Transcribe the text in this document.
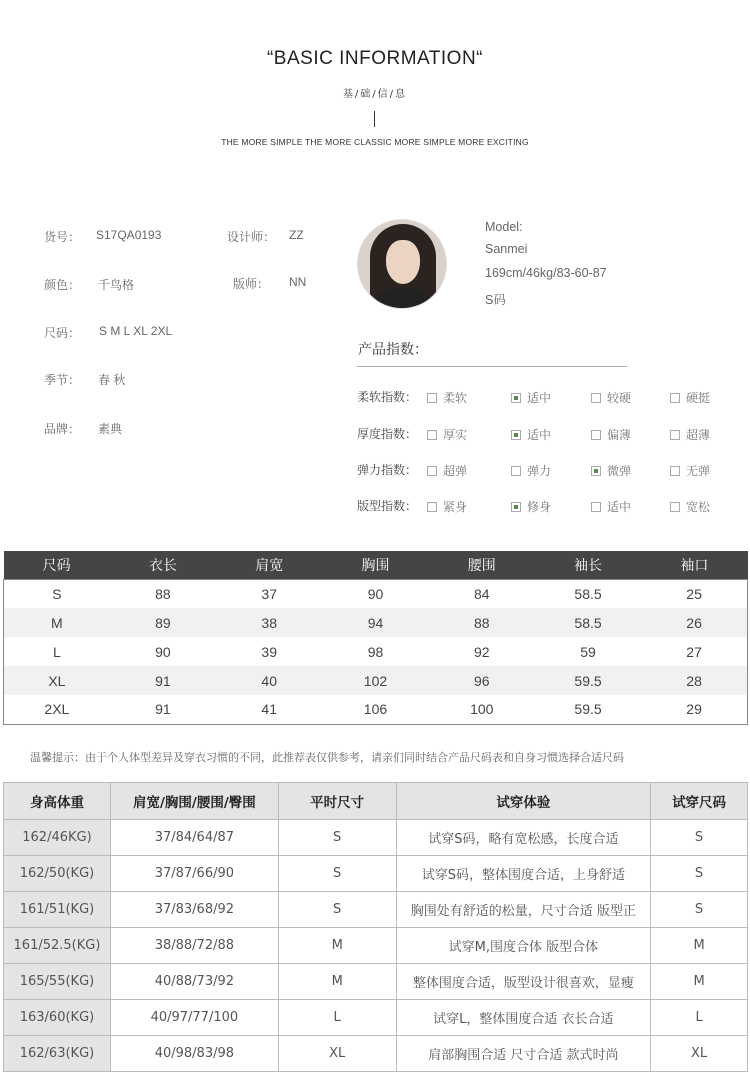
“BASIC INFORMATION“
基/础/信/息
THE MORE SIMPLE THE MORE CLASSIC MORE SIMPLE MORE EXCITING
货号： S17QA0193	设计师： ZZ
颜色： 千鸟格	版师： NN
尺码： S M L XL 2XL
季节： 春 秋
品牌： 素典
Model:
Sanmei
169cm/46kg/83-60-87
S码
产品指数：
柔软指数： 柔软	适中	较硬	硬挺
厚度指数： 厚实	适中	偏薄	超薄
弹力指数： 超弹	弹力	微弹	无弹
版型指数： 紧身	修身	适中	宽松
尺码	衣长	肩宽	胸围	腰围	袖长	袖口
S	88	37	90	84	58.5	25
M	89	38	94	88	58.5	26
L	90	39	98	92	59	27
XL	91	40	102	96	59.5	28
2XL	91	41	106	100	59.5	29
温馨提示：由于个人体型差异及穿衣习惯的不同，此推荐表仅供参考，请亲们同时结合产品尺码表和自身习惯选择合适尺码
身高体重	肩宽/胸围/腰围/臀围	平时尺寸	试穿体验	试穿尺码
162/46KG)	37/84/64/87	S	试穿S码，略有宽松感，长度合适	S
162/50(KG)	37/87/66/90	S	试穿S码，整体围度合适，上身舒适	S
161/51(KG)	37/83/68/92	S	胸围处有舒适的松量，尺寸合适 版型正	S
161/52.5(KG)	38/88/72/88	M	试穿M,围度合体 版型合体	M
165/55(KG)	40/88/73/92	M	整体围度合适，版型设计很喜欢，显瘦	M
163/60(KG)	40/97/77/100	L	试穿L，整体围度合适 衣长合适	L
162/63(KG)	40/98/83/98	XL	肩部胸围合适 尺寸合适 款式时尚	XL
